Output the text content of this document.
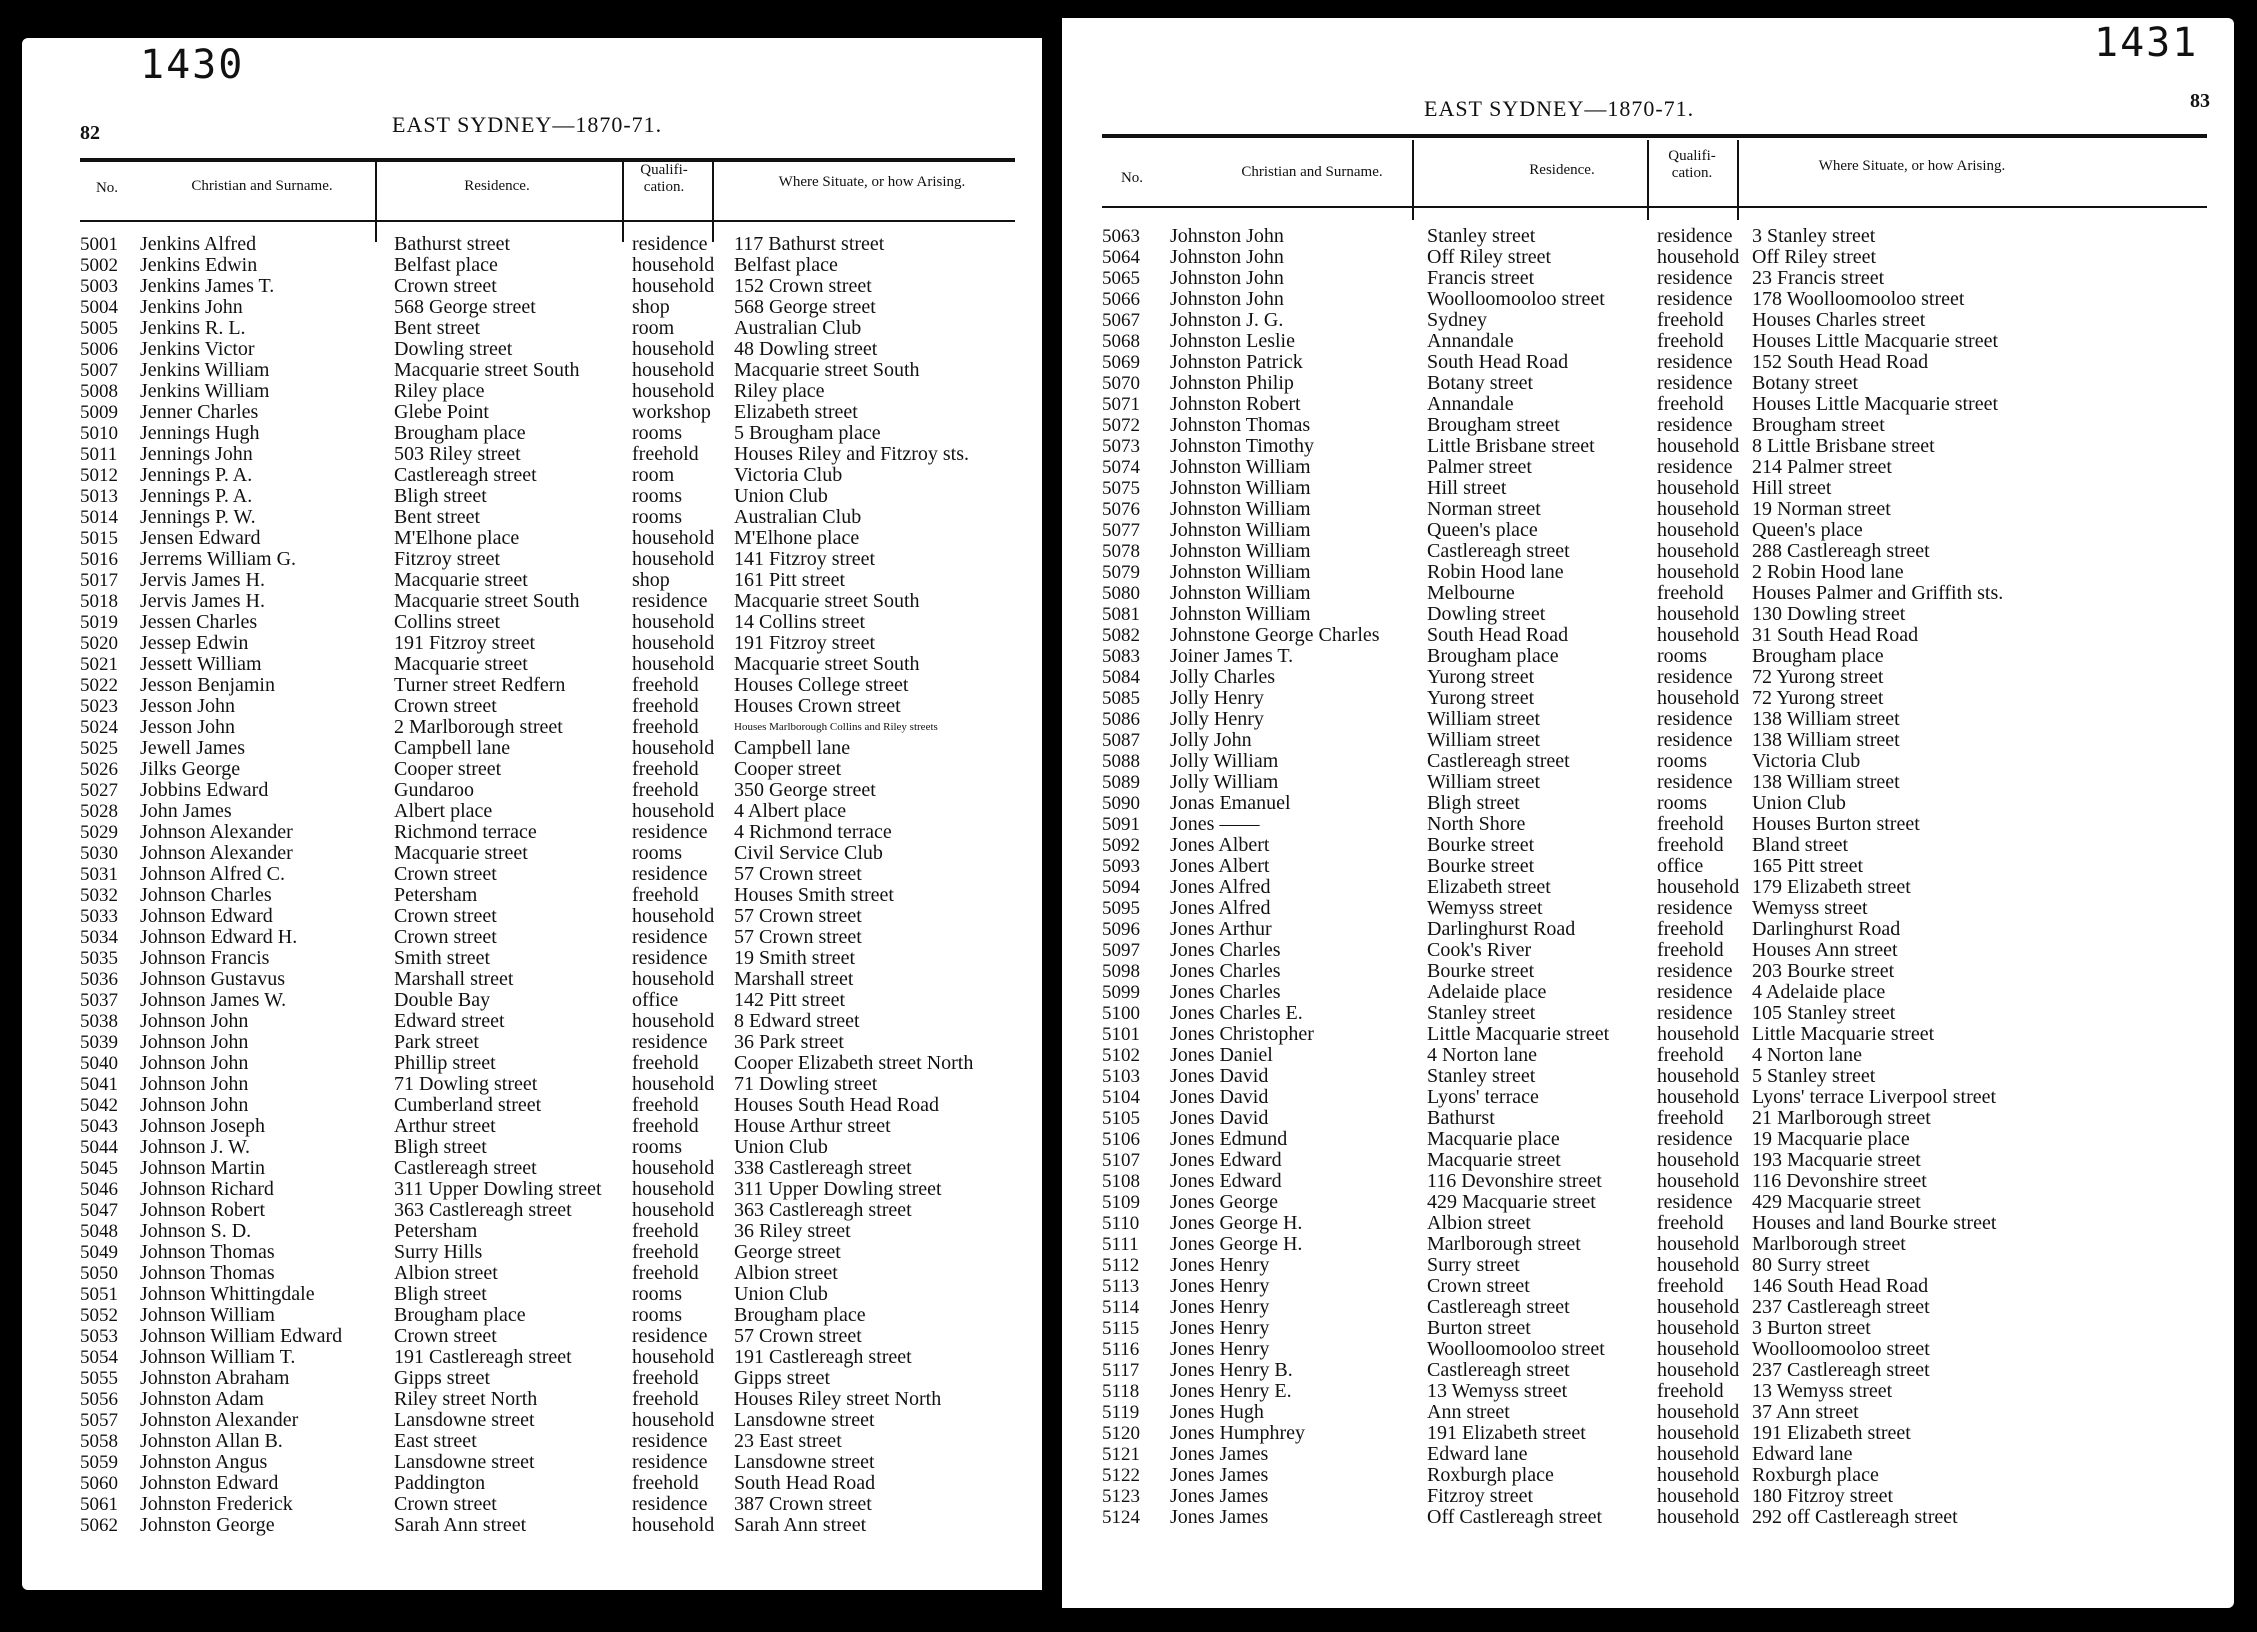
1430
82	EAST SYDNEY—1870-71.
No.	Christian and Surname.	Residence.
Qualifi-cation.	Where Situate, or how Arising.
5001 Jenkins Alfred	Bathurst street	residence 117 Bathurst street
5002 Jenkins Edwin	Belfast place	household Belfast place
5003 Jenkins James T.	Crown street	household 152 Crown street
5004 Jenkins John	568 George street	shop	568 George street
5005 Jenkins R. L.	Bent street	room	Australian Club
5006 Jenkins Victor	Dowling street	household 48 Dowling street
5007 Jenkins William	Macquarie street South	household Macquarie street South
5008 Jenkins William	Riley place	household Riley place
5009 Jenner Charles	Glebe Point	workshop Elizabeth street
5010 Jennings Hugh	Brougham place	rooms	5 Brougham place
5011 Jennings John	503 Riley street	freehold Houses Riley and Fitzroy sts.
5012 Jennings P. A.	Castlereagh street	room	Victoria Club
5013 Jennings P. A.	Bligh street	rooms	Union Club
5014 Jennings P. W.	Bent street	rooms	Australian Club
5015 Jensen Edward	M'Elhone place	household M'Elhone place
5016 Jerrems William G.	Fitzroy street	household 141 Fitzroy street
5017 Jervis James H.	Macquarie street	shop	161 Pitt street
5018 Jervis James H.	Macquarie street South	residence Macquarie street South
5019 Jessen Charles	Collins street	household 14 Collins street
5020 Jessep Edwin	191 Fitzroy street	household 191 Fitzroy street
5021 Jessett William	Macquarie street	household Macquarie street South
5022 Jesson Benjamin	Turner street Redfern	freehold Houses College street
5023 Jesson John	Crown street	freehold Houses Crown street
5024 Jesson John	2 Marlborough street	freehold	Houses Marlborough Collins and Riley streets
5025 Jewell James	Campbell lane	household Campbell lane
5026 Jilks George	Cooper street	freehold Cooper street
5027 Jobbins Edward	Gundaroo	freehold 350 George street
5028 John James	Albert place	household 4 Albert place
5029 Johnson Alexander	Richmond terrace	residence 4 Richmond terrace
5030 Johnson Alexander	Macquarie street	rooms	Civil Service Club
5031 Johnson Alfred C.	Crown street	residence 57 Crown street
5032 Johnson Charles	Petersham	freehold Houses Smith street
5033 Johnson Edward	Crown street	household 57 Crown street
5034 Johnson Edward H.	Crown street	residence 57 Crown street
5035 Johnson Francis	Smith street	residence 19 Smith street
5036 Johnson Gustavus	Marshall street	household Marshall street
5037 Johnson James W.	Double Bay	office	142 Pitt street
5038 Johnson John	Edward street	household 8 Edward street
5039 Johnson John	Park street	residence 36 Park street
5040 Johnson John	Phillip street	freehold Cooper Elizabeth street North
5041 Johnson John	71 Dowling street	household 71 Dowling street
5042 Johnson John	Cumberland street	freehold Houses South Head Road
5043 Johnson Joseph	Arthur street	freehold House Arthur street
5044 Johnson J. W.	Bligh street	rooms	Union Club
5045 Johnson Martin	Castlereagh street	household 338 Castlereagh street
5046 Johnson Richard	311 Upper Dowling street household 311 Upper Dowling street
5047 Johnson Robert	363 Castlereagh street	household 363 Castlereagh street
5048 Johnson S. D.	Petersham	freehold 36 Riley street
5049 Johnson Thomas	Surry Hills	freehold George street
5050 Johnson Thomas	Albion street	freehold Albion street
5051 Johnson Whittingdale	Bligh street	rooms	Union Club
5052 Johnson William	Brougham place	rooms	Brougham place
5053 Johnson William Edward	Crown street	residence 57 Crown street
5054 Johnson William T.	191 Castlereagh street	household 191 Castlereagh street
5055 Johnston Abraham	Gipps street	freehold Gipps street
5056 Johnston Adam	Riley street North	freehold Houses Riley street North
5057 Johnston Alexander	Lansdowne street	household Lansdowne street
5058 Johnston Allan B.	East street	residence 23 East street
5059 Johnston Angus	Lansdowne street	residence Lansdowne street
5060 Johnston Edward	Paddington	freehold South Head Road
5061 Johnston Frederick	Crown street	residence 387 Crown street
5062 Johnston George	Sarah Ann street	household Sarah Ann street
1431
83
EAST SYDNEY—1870-71.
No.	Christian and Surname.	Residence.
Qualifi-cation.	Where Situate, or how Arising.
5063 Johnston John	Stanley street	residence 3 Stanley street
5064 Johnston John	Off Riley street	household Off Riley street
5065 Johnston John	Francis street	residence 23 Francis street
5066 Johnston John	Woolloomooloo street	residence 178 Woolloomooloo street
5067 Johnston J. G.	Sydney	freehold Houses Charles street
5068 Johnston Leslie	Annandale	freehold Houses Little Macquarie street
5069 Johnston Patrick	South Head Road	residence 152 South Head Road
5070 Johnston Philip	Botany street	residence Botany street
5071 Johnston Robert	Annandale	freehold Houses Little Macquarie street
5072 Johnston Thomas	Brougham street	residence Brougham street
5073 Johnston Timothy	Little Brisbane street	household 8 Little Brisbane street
5074 Johnston William	Palmer street	residence 214 Palmer street
5075 Johnston William	Hill street	household Hill street
5076 Johnston William	Norman street	household 19 Norman street
5077 Johnston William	Queen's place	household Queen's place
5078 Johnston William	Castlereagh street	household 288 Castlereagh street
5079 Johnston William	Robin Hood lane	household 2 Robin Hood lane
5080 Johnston William	Melbourne	freehold Houses Palmer and Griffith sts.
5081 Johnston William	Dowling street	household 130 Dowling street
5082 Johnstone George Charles South Head Road	household 31 South Head Road
5083 Joiner James T.	Brougham place	rooms Brougham place
5084 Jolly Charles	Yurong street	residence 72 Yurong street
5085 Jolly Henry	Yurong street	household 72 Yurong street
5086 Jolly Henry	William street	residence 138 William street
5087 Jolly John	William street	residence 138 William street
5088 Jolly William	Castlereagh street	rooms Victoria Club
5089 Jolly William	William street	residence 138 William street
5090 Jonas Emanuel	Bligh street	rooms Union Club
5091 Jones ——	North Shore	freehold Houses Burton street
5092 Jones Albert	Bourke street	freehold Bland street
5093 Jones Albert	Bourke street	office 165 Pitt street
5094 Jones Alfred	Elizabeth street	household 179 Elizabeth street
5095 Jones Alfred	Wemyss street	residence Wemyss street
5096 Jones Arthur	Darlinghurst Road	freehold Darlinghurst Road
5097 Jones Charles	Cook's River	freehold Houses Ann street
5098 Jones Charles	Bourke street	residence 203 Bourke street
5099 Jones Charles	Adelaide place	residence 4 Adelaide place
5100 Jones Charles E.	Stanley street	residence 105 Stanley street
5101 Jones Christopher	Little Macquarie street household Little Macquarie street
5102 Jones Daniel	4 Norton lane	freehold 4 Norton lane
5103 Jones David	Stanley street	household 5 Stanley street
5104 Jones David	Lyons' terrace	household Lyons' terrace Liverpool street
5105 Jones David	Bathurst	freehold 21 Marlborough street
5106 Jones Edmund	Macquarie place	residence 19 Macquarie place
5107 Jones Edward	Macquarie street	household 193 Macquarie street
5108 Jones Edward	116 Devonshire street	household 116 Devonshire street
5109 Jones George	429 Macquarie street	residence 429 Macquarie street
5110 Jones George H.	Albion street	freehold Houses and land Bourke street
5111 Jones George H.	Marlborough street	household Marlborough street
5112 Jones Henry	Surry street	household 80 Surry street
5113 Jones Henry	Crown street	freehold 146 South Head Road
5114 Jones Henry	Castlereagh street	household 237 Castlereagh street
5115 Jones Henry	Burton street	household 3 Burton street
5116 Jones Henry	Woolloomooloo street	household Woolloomooloo street
5117 Jones Henry B.	Castlereagh street	household 237 Castlereagh street
5118 Jones Henry E.	13 Wemyss street	freehold 13 Wemyss street
5119 Jones Hugh	Ann street	household 37 Ann street
5120 Jones Humphrey	191 Elizabeth street	household 191 Elizabeth street
5121 Jones James	Edward lane	household Edward lane
5122 Jones James	Roxburgh place	household Roxburgh place
5123 Jones James	Fitzroy street	household 180 Fitzroy street
5124 Jones James	Off Castlereagh street	household 292 off Castlereagh street
